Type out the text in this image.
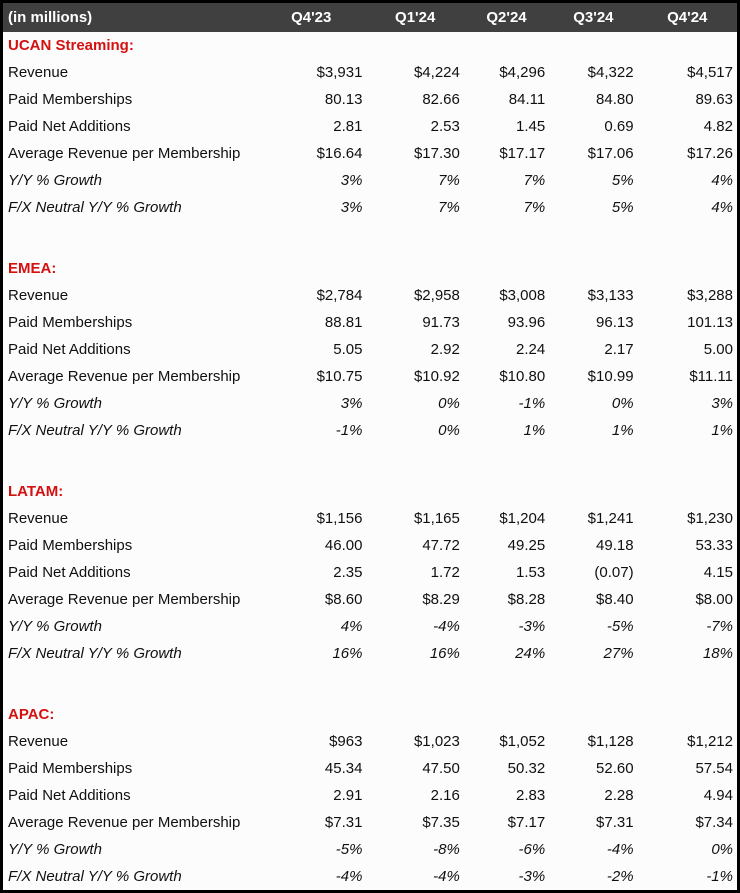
(in millions)	Q4'23	Q1'24	Q2'24	Q3'24	Q4'24
UCAN Streaming:					
Revenue	$3,931	$4,224	$4,296	$4,322	$4,517
Paid Memberships	80.13	82.66	84.11	84.80	89.63
Paid Net Additions	2.81	2.53	1.45	0.69	4.82
Average Revenue per Membership	$16.64	$17.30	$17.17	$17.06	$17.26
Y/Y % Growth	3%	7%	7%	5%	4%
F/X Neutral Y/Y % Growth	3%	7%	7%	5%	4%

EMEA:					
Revenue	$2,784	$2,958	$3,008	$3,133	$3,288
Paid Memberships	88.81	91.73	93.96	96.13	101.13
Paid Net Additions	5.05	2.92	2.24	2.17	5.00
Average Revenue per Membership	$10.75	$10.92	$10.80	$10.99	$11.11
Y/Y % Growth	3%	0%	-1%	0%	3%
F/X Neutral Y/Y % Growth	-1%	0%	1%	1%	1%

LATAM:					
Revenue	$1,156	$1,165	$1,204	$1,241	$1,230
Paid Memberships	46.00	47.72	49.25	49.18	53.33
Paid Net Additions	2.35	1.72	1.53	(0.07)	4.15
Average Revenue per Membership	$8.60	$8.29	$8.28	$8.40	$8.00
Y/Y % Growth	4%	-4%	-3%	-5%	-7%
F/X Neutral Y/Y % Growth	16%	16%	24%	27%	18%

APAC:					
Revenue	$963	$1,023	$1,052	$1,128	$1,212
Paid Memberships	45.34	47.50	50.32	52.60	57.54
Paid Net Additions	2.91	2.16	2.83	2.28	4.94
Average Revenue per Membership	$7.31	$7.35	$7.17	$7.31	$7.34
Y/Y % Growth	-5%	-8%	-6%	-4%	0%
F/X Neutral Y/Y % Growth	-4%	-4%	-3%	-2%	-1%
